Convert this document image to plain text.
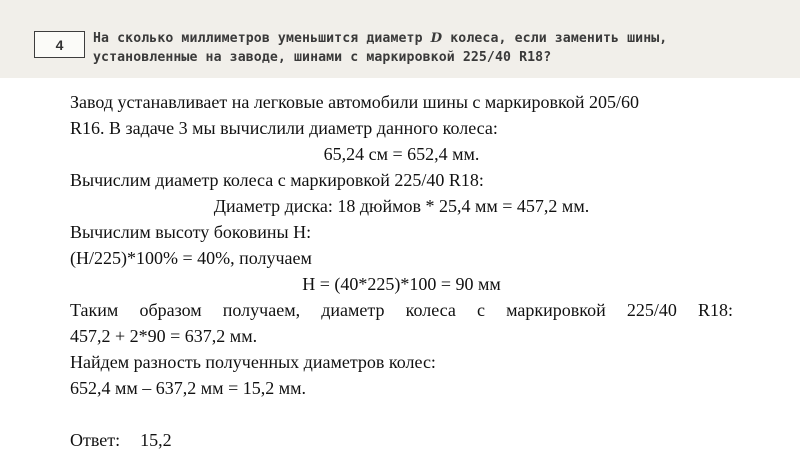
4	На сколько миллиметров уменьшится диаметр D колеса, если заменить шины,
установленные на заводе, шинами с маркировкой 225/40 R18?
Завод устанавливает на легковые автомобили шины с маркировкой 205/60
R16. В задаче 3 мы вычислили диаметр данного колеса:
65,24 см = 652,4 мм.
Вычислим диаметр колеса с маркировкой 225/40 R18:
Диаметр диска: 18 дюймов * 25,4 мм = 457,2 мм.
Вычислим высоту боковины H:
(H/225)*100% = 40%, получаем
H = (40*225)*100 = 90 мм
Таким образом получаем, диаметр колеса с маркировкой 225/40 R18:
457,2 + 2*90 = 637,2 мм.
Найдем разность полученных диаметров колес:
652,4 мм – 637,2 мм = 15,2 мм.
Ответ: 15,2
